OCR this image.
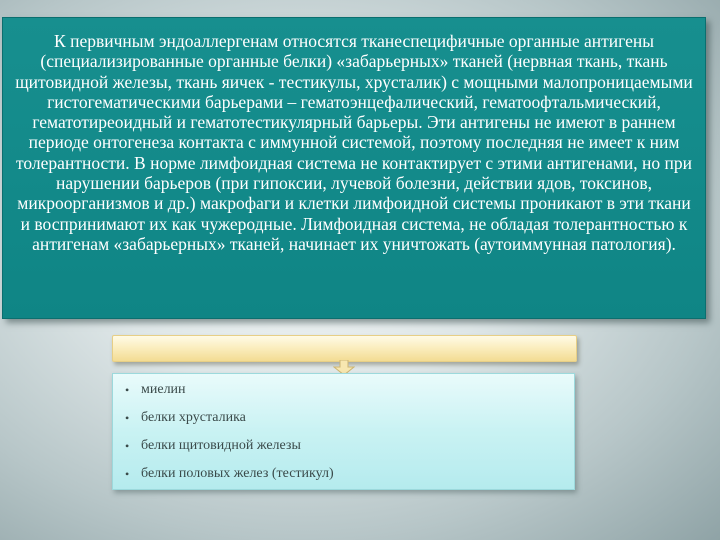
К первичным эндоаллергенам относятся тканеспецифичные органные антигены (специализированные органные белки) «забарьерных» тканей (нервная ткань, ткань щитовидной железы, ткань яичек - тестикулы, хрусталик) с мощными малопроницаемыми гистогематическими барьерами – гематоэнцефалический, гематоофтальмический, гематотиреоидный и гематотестикулярный барьеры. Эти антигены не имеют в раннем периоде онтогенеза контакта с иммунной системой, поэтому последняя не имеет к ним толерантности. В норме лимфоидная система не контактирует с этими антигенами, но при нарушении барьеров (при гипоксии, лучевой болезни, действии ядов, токсинов, микроорганизмов и др.) макрофаги и клетки лимфоидной системы проникают в эти ткани и воспринимают их как чужеродные. Лимфоидная система, не обладая толерантностью к антигенам «забарьерных» тканей, начинает их уничтожать (аутоиммунная патология).

• миелин
• белки хрусталика
• белки щитовидной железы
• белки половых желез (тестикул)
